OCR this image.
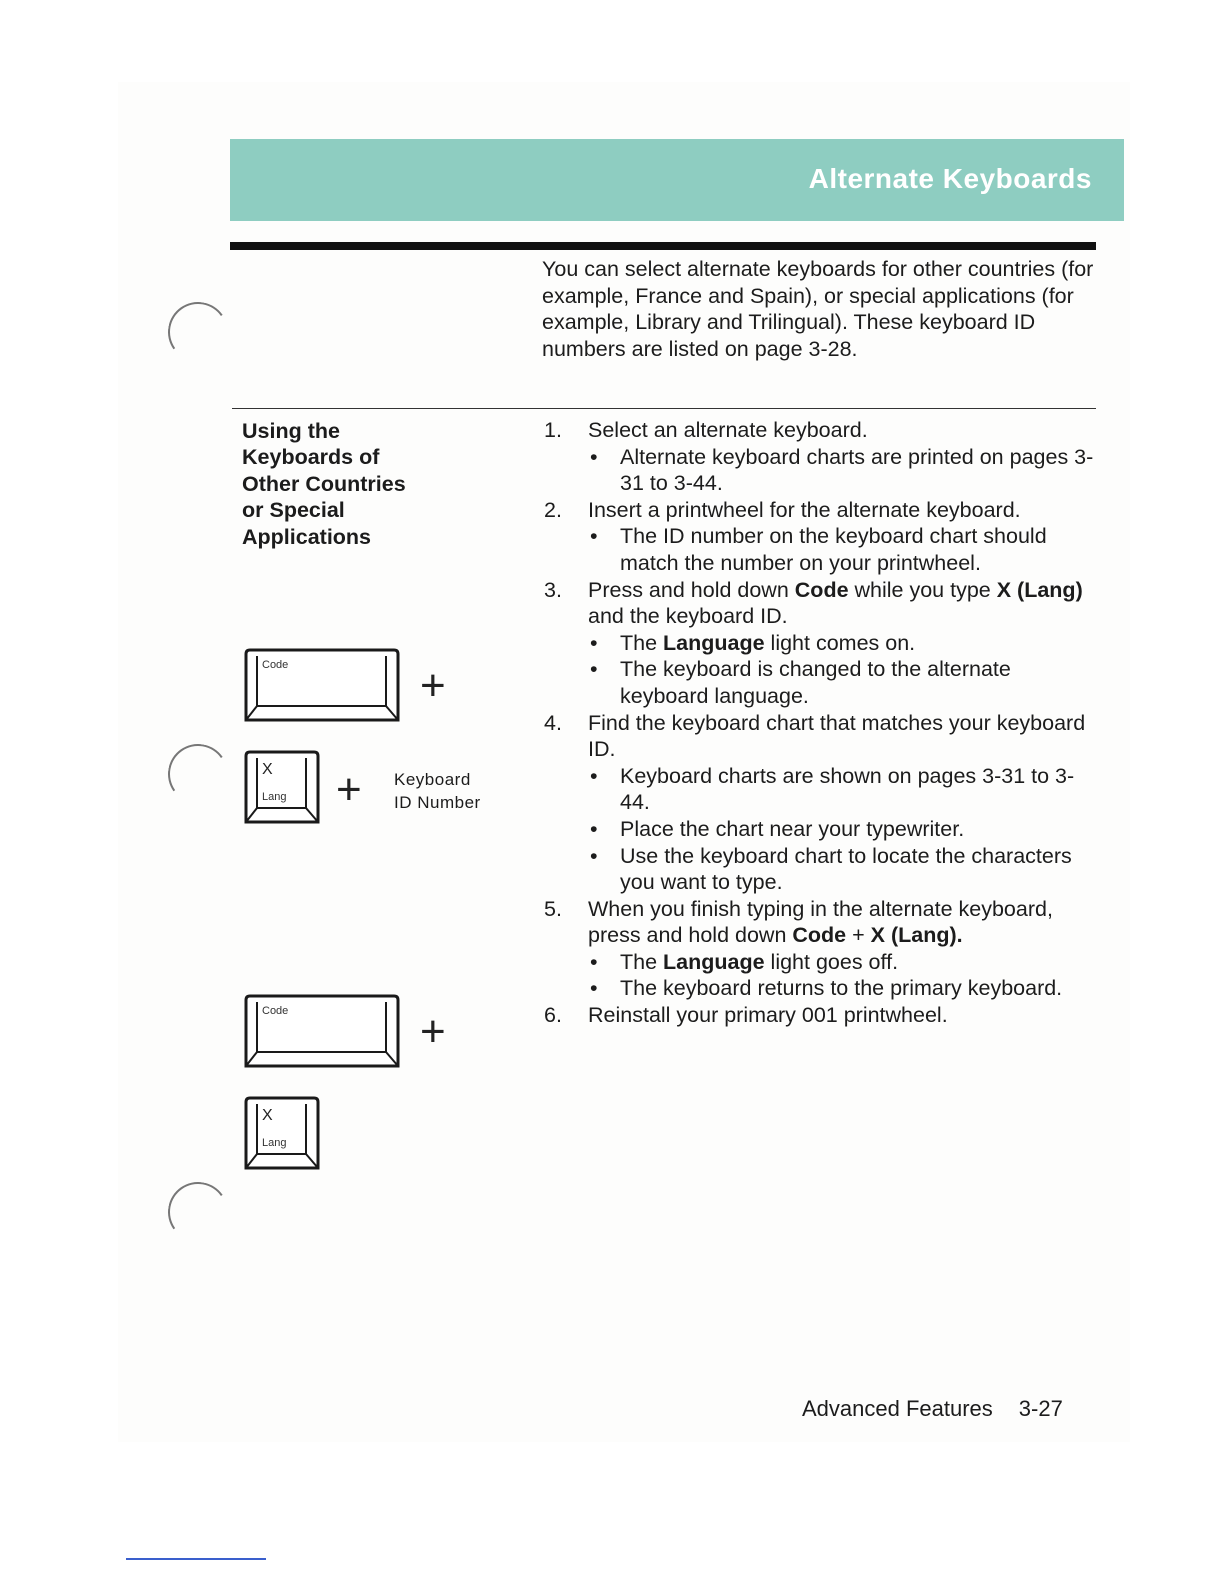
Alternate Keyboards
You can select alternate keyboards for other countries (for example, France and Spain), or special applications (for example, Library and Trilingual). These keyboard ID numbers are listed on page 3-28.
Using the
Keyboards of
Other Countries
or Special
Applications
Code	+
X
Lang + Keyboard
ID Number
Code	+
X
Lang
1. Select an alternate keyboard.
• Alternate keyboard charts are printed on pages 3-31 to 3-44.
2. Insert a printwheel for the alternate keyboard.
• The ID number on the keyboard chart should match the number on your printwheel.
3. Press and hold down Code while you type X (Lang) and the keyboard ID.
• The Language light comes on.
• The keyboard is changed to the alternate keyboard language.
4. Find the keyboard chart that matches your keyboard ID.
• Keyboard charts are shown on pages 3-31 to 3-44.
• Place the chart near your typewriter.
• Use the keyboard chart to locate the characters you want to type.
5. When you finish typing in the alternate keyboard, press and hold down Code + X (Lang).
• The Language light goes off.
• The keyboard returns to the primary keyboard.
6. Reinstall your primary 001 printwheel.
Advanced Features 3-27
